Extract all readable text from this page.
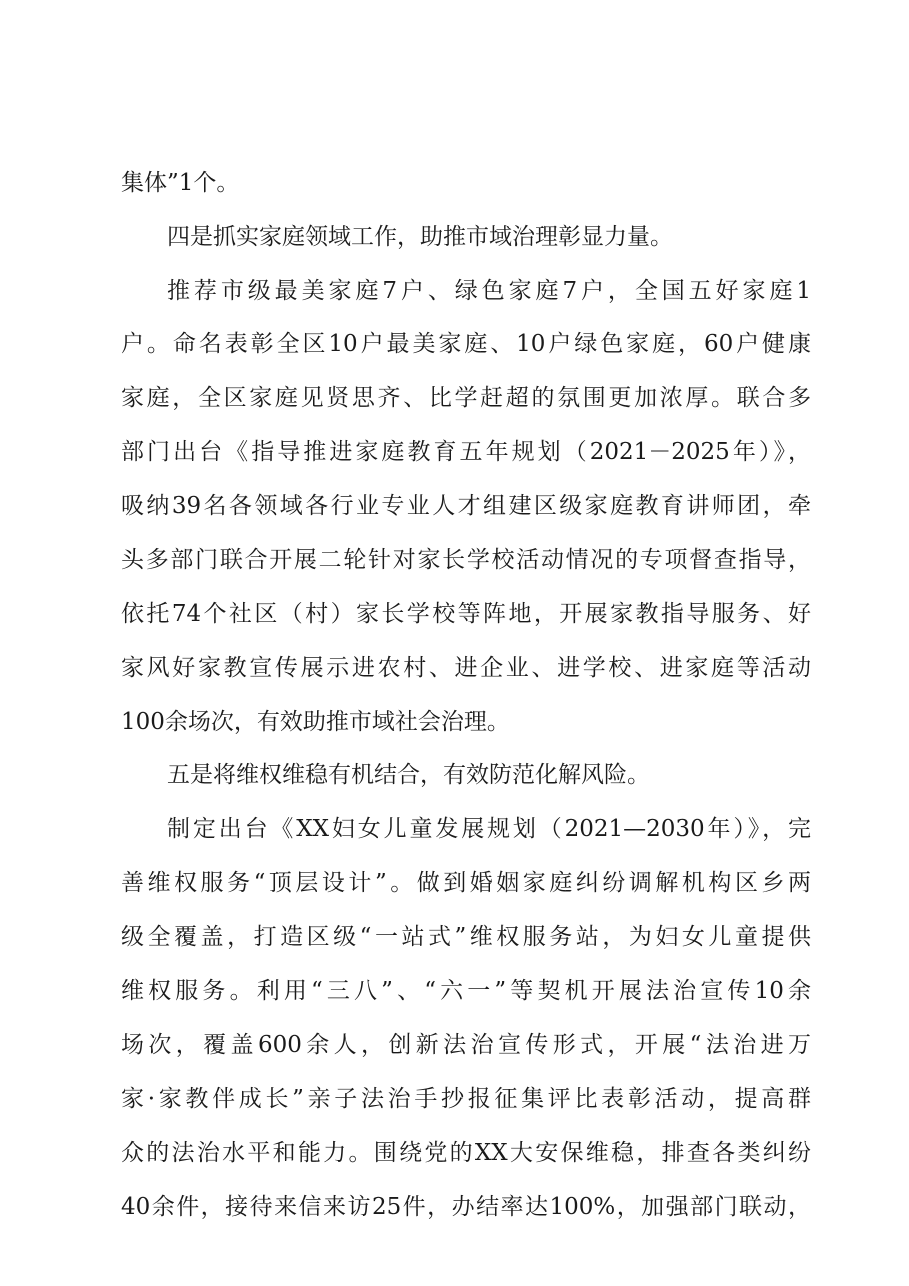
集体”1个。
四是抓实家庭领域工作，助推市域治理彰显力量。
推荐市级最美家庭7户、绿色家庭7户，全国五好家庭1
户。命名表彰全区10户最美家庭、10户绿色家庭，60户健康
家庭，全区家庭见贤思齐、比学赶超的氛围更加浓厚。联合多
部门出台《指导推进家庭教育五年规划（2021－2025年）》，
吸纳39名各领域各行业专业人才组建区级家庭教育讲师团，牵
头多部门联合开展二轮针对家长学校活动情况的专项督查指导，
依托74个社区（村）家长学校等阵地，开展家教指导服务、好
家风好家教宣传展示进农村、进企业、进学校、进家庭等活动
100余场次，有效助推市域社会治理。
五是将维权维稳有机结合，有效防范化解风险。
制定出台《XX妇女儿童发展规划（2021—2030年）》，完
善维权服务“顶层设计”。做到婚姻家庭纠纷调解机构区乡两
级全覆盖，打造区级“一站式”维权服务站，为妇女儿童提供
维权服务。利用“三八”、“六一”等契机开展法治宣传10余
场次，覆盖600余人，创新法治宣传形式，开展“法治进万
家·家教伴成长”亲子法治手抄报征集评比表彰活动，提高群
众的法治水平和能力。围绕党的XX大安保维稳，排查各类纠纷
40余件，接待来信来访25件，办结率达100%，加强部门联动，
